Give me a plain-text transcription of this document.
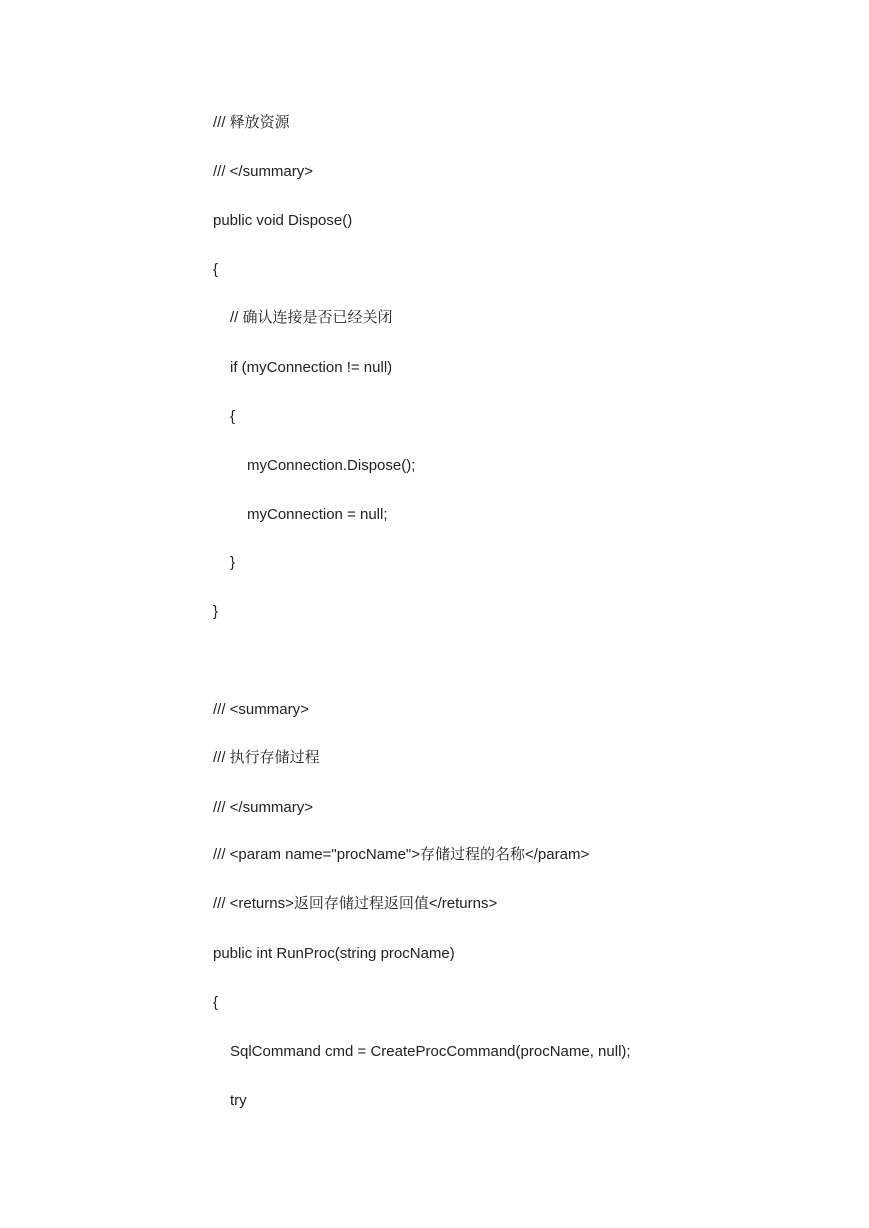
/// 释放资源
/// </summary>
public void Dispose()
{
// 确认连接是否已经关闭
if (myConnection != null)
{
myConnection.Dispose();
myConnection = null;
}
}
/// <summary>
/// 执行存储过程
/// </summary>
/// <param name="procName">存储过程的名称</param>
/// <returns>返回存储过程返回值</returns>
public int RunProc(string procName)
{
SqlCommand cmd = CreateProcCommand(procName, null);
try
